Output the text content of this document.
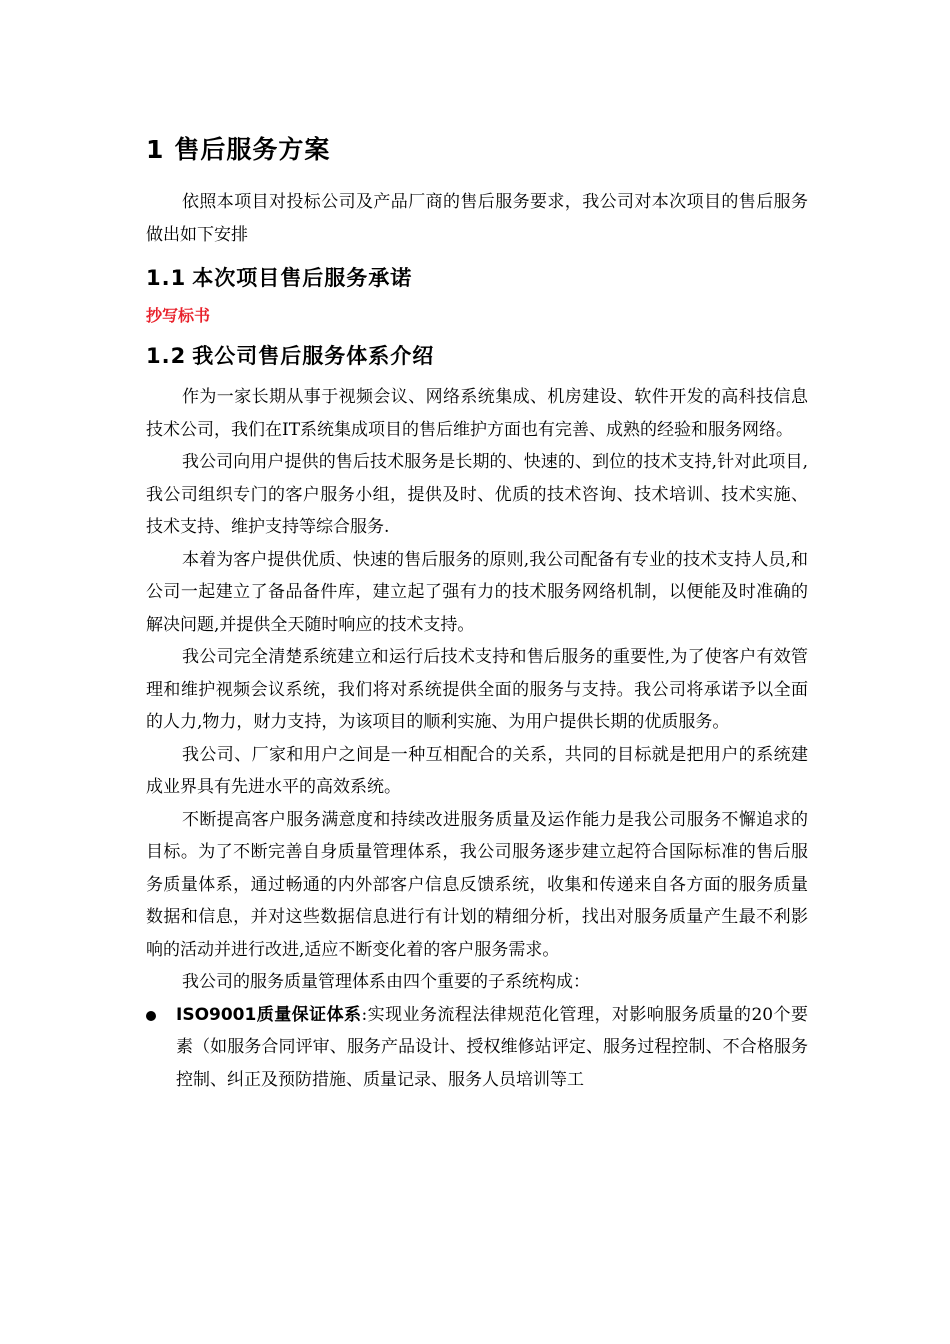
1 售后服务方案

依照本项目对投标公司及产品厂商的售后服务要求，我公司对本次项目的售后服务做出如下安排

1.1 本次项目售后服务承诺
抄写标书
1.2 我公司售后服务体系介绍

作为一家长期从事于视频会议、网络系统集成、机房建设、软件开发的高科技信息技术公司，我们在IT系统集成项目的售后维护方面也有完善、成熟的经验和服务网络。

我公司向用户提供的售后技术服务是长期的、快速的、到位的技术支持,针对此项目,我公司组织专门的客户服务小组，提供及时、优质的技术咨询、技术培训、技术实施、技术支持、维护支持等综合服务.

本着为客户提供优质、快速的售后服务的原则,我公司配备有专业的技术支持人员,和公司一起建立了备品备件库，建立起了强有力的技术服务网络机制，以便能及时准确的解决问题,并提供全天随时响应的技术支持。

我公司完全清楚系统建立和运行后技术支持和售后服务的重要性,为了使客户有效管理和维护视频会议系统，我们将对系统提供全面的服务与支持。我公司将承诺予以全面的人力,物力，财力支持，为该项目的顺利实施、为用户提供长期的优质服务。

我公司、厂家和用户之间是一种互相配合的关系，共同的目标就是把用户的系统建成业界具有先进水平的高效系统。

不断提高客户服务满意度和持续改进服务质量及运作能力是我公司服务不懈追求的目标。为了不断完善自身质量管理体系，我公司服务逐步建立起符合国际标准的售后服务质量体系，通过畅通的内外部客户信息反馈系统，收集和传递来自各方面的服务质量数据和信息，并对这些数据信息进行有计划的精细分析，找出对服务质量产生最不利影响的活动并进行改进,适应不断变化着的客户服务需求。

我公司的服务质量管理体系由四个重要的子系统构成：

ISO9001质量保证体系:实现业务流程法律规范化管理，对影响服务质量的20个要素（如服务合同评审、服务产品设计、授权维修站评定、服务过程控制、不合格服务控制、纠正及预防措施、质量记录、服务人员培训等工
